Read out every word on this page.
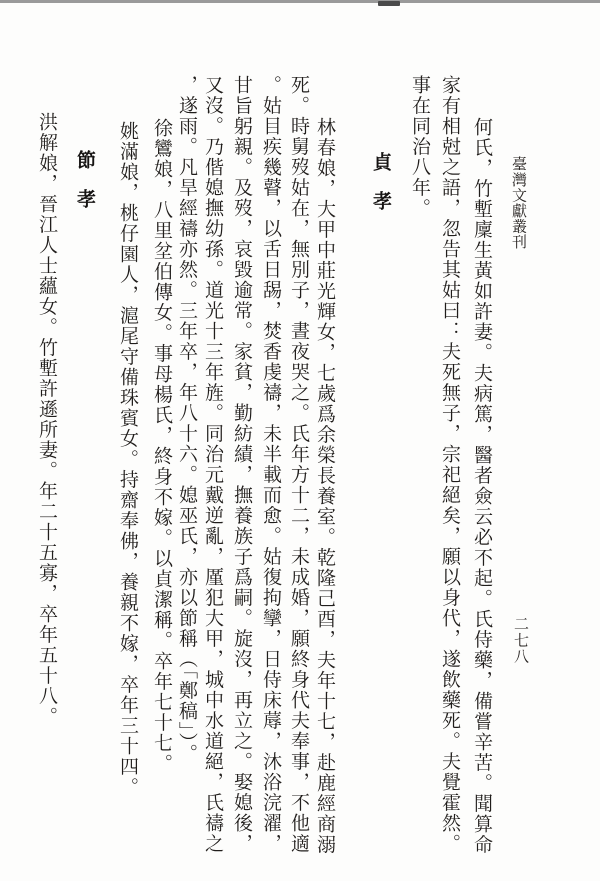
臺灣文獻叢刊
二七八
何氏，竹塹廩生黃如許妻。夫病篤，醫者僉云必不起。氏侍藥，備嘗辛苦。聞算命
家有相尅之語，忽告其姑曰：夫死無子，宗祀絕矣，願以身代，遂飲藥死。夫覺霍然。
事在同治八年。
貞　孝
林春娘，大甲中莊光輝女，七歲爲余榮長養室。乾隆己酉，夫年十七，赴鹿經商溺
死。時舅歿姑在，無別子，晝夜哭之。氏年方十二，未成婚，願終身代夫奉事，不他適
。姑目疾幾瞽，以舌日舓，焚香虔禱，未半載而愈。姑復拘攣，日侍床蓐，沐浴浣濯，
甘旨躬親。及歿，哀毀逾常。家貧，勤紡績，撫養族子爲嗣。旋沒，再立之。娶媳後，
又沒。乃偕媳撫幼孫。道光十三年旌。同治元戴逆亂，厪犯大甲，城中水道絕，氏禱之
，遂雨。凡旱經禱亦然。三年卒，年八十六。媳巫氏，亦以節稱（「鄭稿」）。
徐鸞娘，八里坌伯傳女。事母楊氏，終身不嫁。以貞潔稱。卒年七十七。
姚滿娘，桃仔園人，滬尾守備珠賓女。持齋奉佛，養親不嫁，卒年三十四。
節　孝
洪解娘，晉江人士蘊女。竹塹許遜所妻。年二十五寡，卒年五十八。
